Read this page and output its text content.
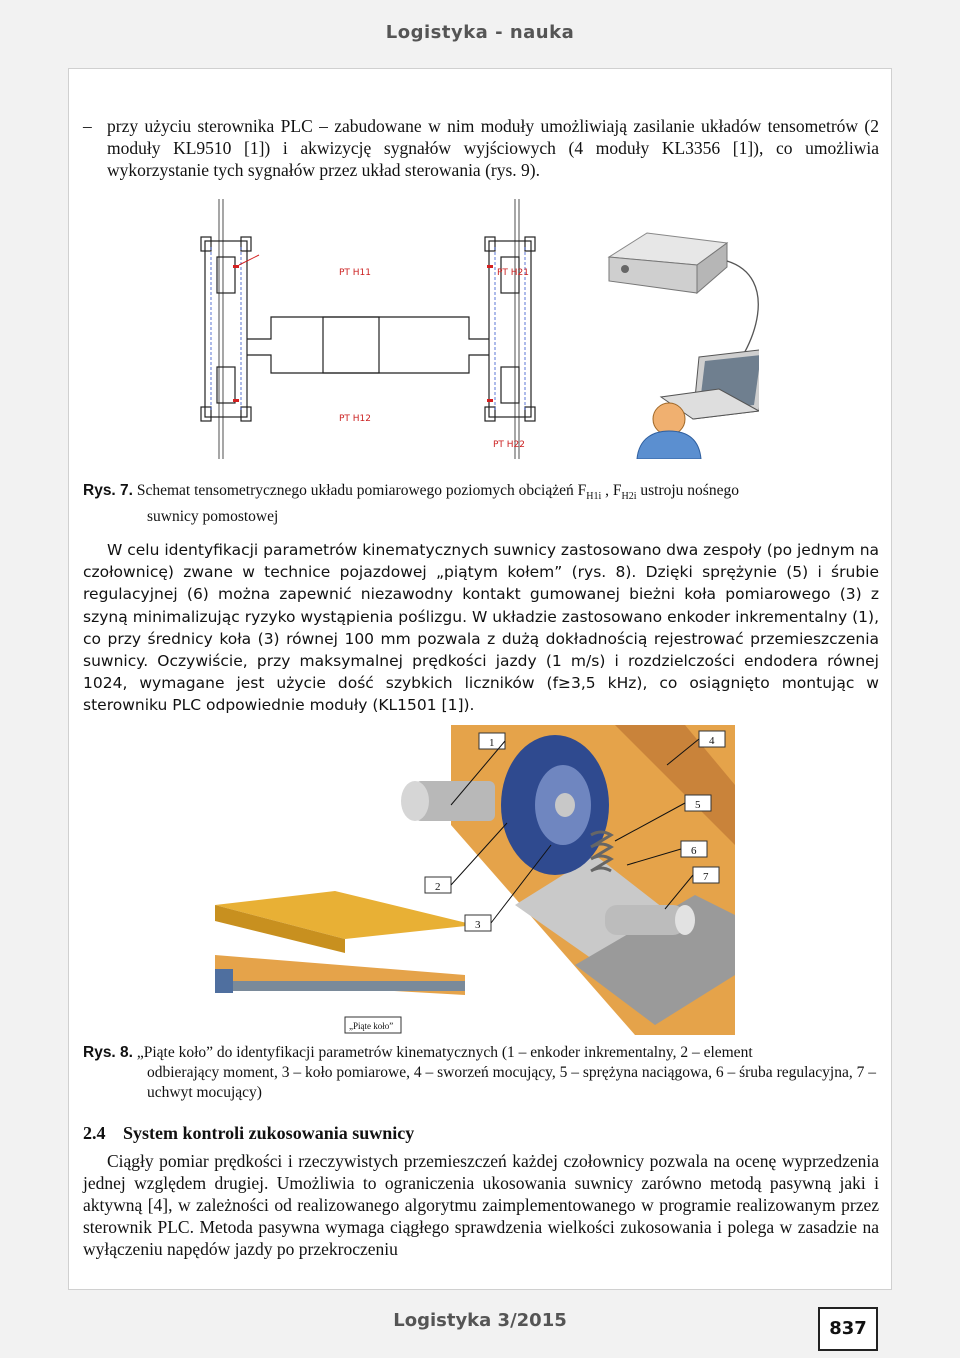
Logistyka - nauka

– przy użyciu sterownika PLC – zabudowane w nim moduły umożliwiają zasilanie układów tensometrów (2 moduły KL9510 [1]) i akwizycję sygnałów wyjściowych (4 moduły KL3356 [1]), co umożliwia wykorzystanie tych sygnałów przez układ sterowania (rys. 9).

PT H11	PT H21
PT H22
PT H12
Rys. 7. Schemat tensometrycznego układu pomiarowego poziomych obciążeń $F_{H1i}$ , $F_{H2i}$ ustroju nośnego
suwnicy pomostowej

W celu identyfikacji parametrów kinematycznych suwnicy zastosowano dwa zespoły (po jednym na czołownicę) zwane w technice pojazdowej „piątym kołem” (rys. 8). Dzięki sprężynie (5) i śrubie regulacyjnej (6) można zapewnić niezawodny kontakt gumowanej bieżni koła pomiarowego (3) z szyną minimalizując ryzyko wystąpienia poślizgu. W układzie zastosowano enkoder inkrementalny (1), co przy średnicy koła (3) równej 100 mm pozwala z dużą dokładnością rejestrować przemieszczenia suwnicy. Oczywiście, przy maksymalnej prędkości jazdy (1 m/s) i rozdzielczości endodera równej 1024, wymagane jest użycie dość szybkich liczników (f≥3,5 kHz), co osiągnięto montując w sterowniku PLC odpowiednie moduły (KL1501 [1]).

1
2
3
4
5
6
7
„Piąte koło”
Rys. 8. „Piąte koło” do identyfikacji parametrów kinematycznych (1 – enkoder inkrementalny, 2 – element
odbierający moment, 3 – koło pomiarowe, 4 – sworzeń mocujący, 5 – sprężyna naciągowa, 6 – śruba regulacyjna, 7 – uchwyt mocujący)
2.4 System kontroli zukosowania suwnicy

Ciągły pomiar prędkości i rzeczywistych przemieszczeń każdej czołownicy pozwala na ocenę wyprzedzenia jednej względem drugiej. Umożliwia to ograniczenia ukosowania suwnicy zarówno metodą pasywną jaki i aktywną [4], w zależności od realizowanego algorytmu zaimplementowanego w programie realizowanym przez sterownik PLC. Metoda pasywna wymaga ciągłego sprawdzenia wielkości zukosowania i polega w zasadzie na wyłączeniu napędów jazdy po przekroczeniu

Logistyka 3/2015	837
